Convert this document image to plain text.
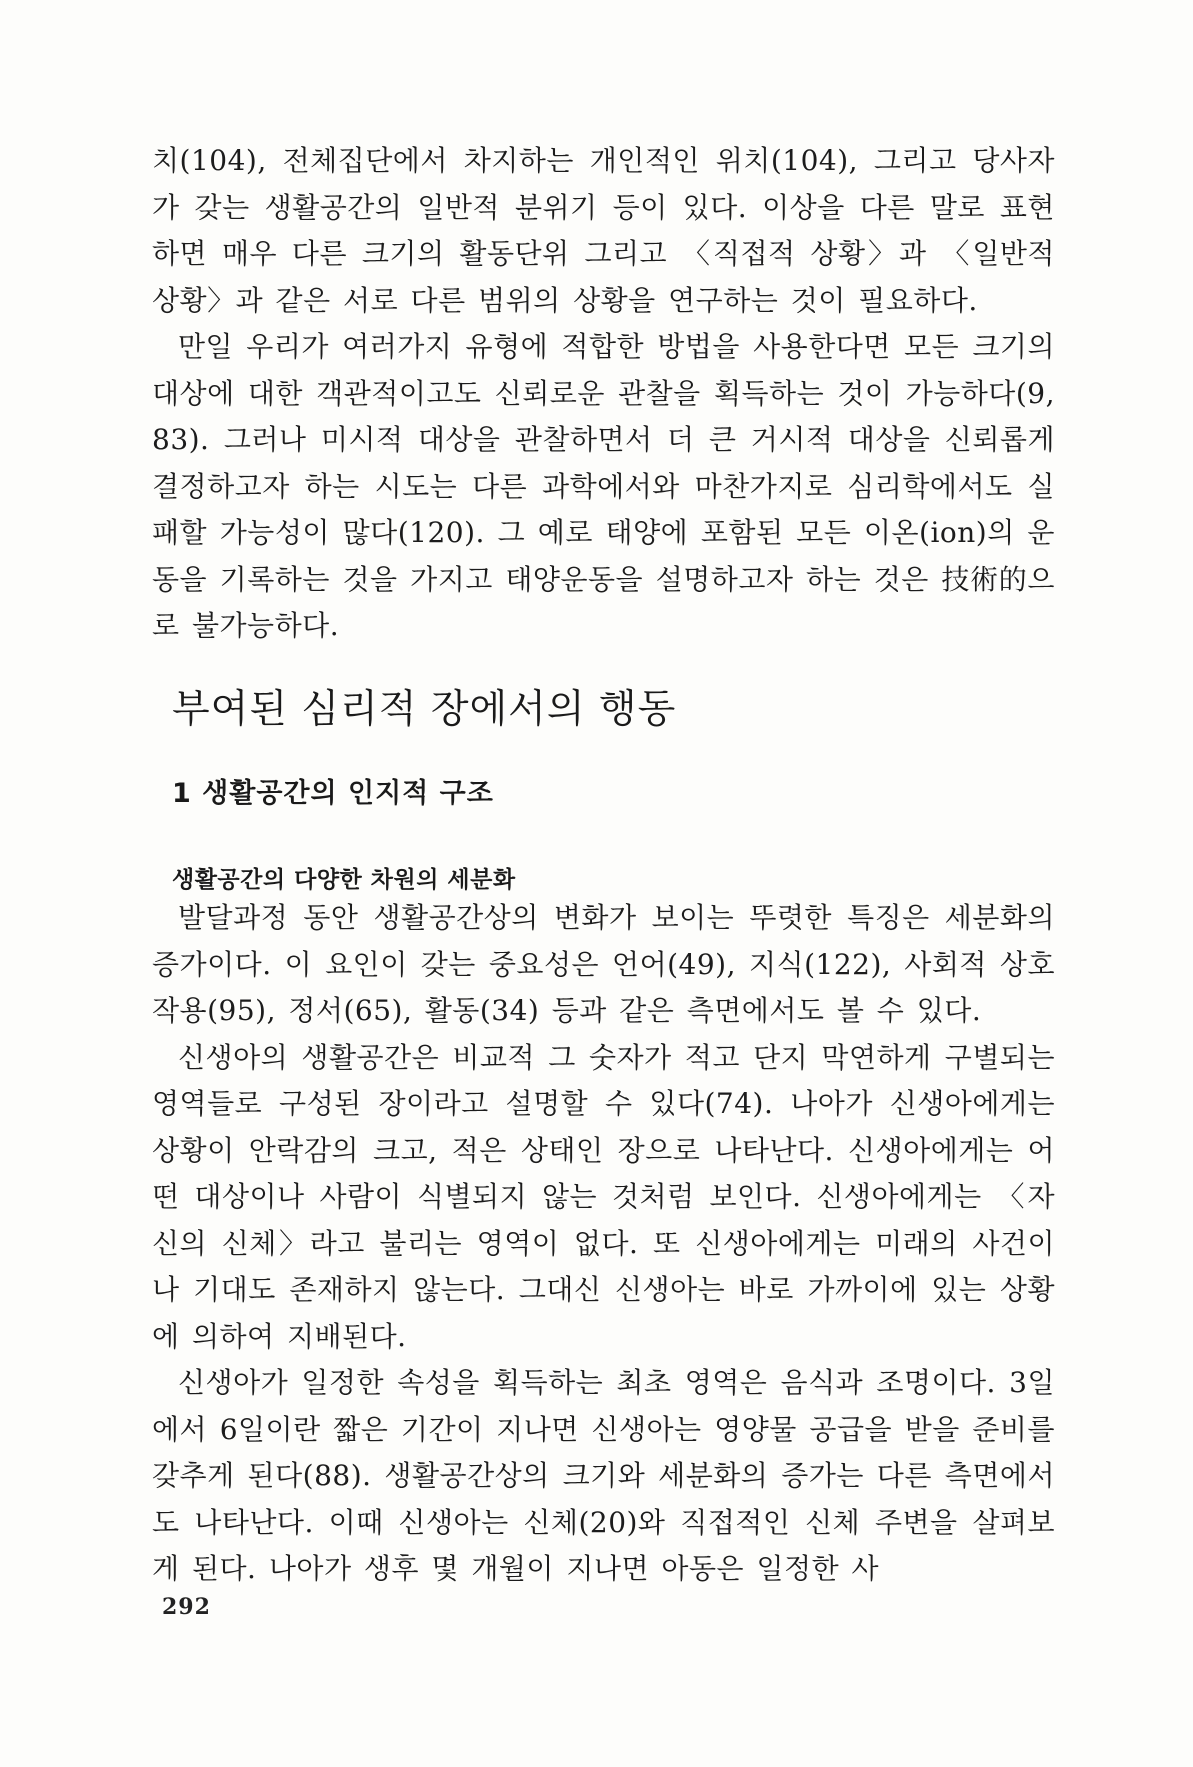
치(104), 전체집단에서 차지하는 개인적인 위치(104), 그리고 당사자가 갖는 생활공간의 일반적 분위기 등이 있다. 이상을 다른 말로 표현하면 매우 다른 크기의 활동단위 그리고 〈직접적 상황〉과 〈일반적 상황〉과 같은 서로 다른 범위의 상황을 연구하는 것이 필요하다.

만일 우리가 여러가지 유형에 적합한 방법을 사용한다면 모든 크기의 대상에 대한 객관적이고도 신뢰로운 관찰을 획득하는 것이 가능하다(9, 83). 그러나 미시적 대상을 관찰하면서 더 큰 거시적 대상을 신뢰롭게 결정하고자 하는 시도는 다른 과학에서와 마찬가지로 심리학에서도 실패할 가능성이 많다(120). 그 예로 태양에 포함된 모든 이온(ion)의 운동을 기록하는 것을 가지고 태양운동을 설명하고자 하는 것은 技術的으로 불가능하다.

부여된 심리적 장에서의 행동
1 생활공간의 인지적 구조
생활공간의 다양한 차원의 세분화

발달과정 동안 생활공간상의 변화가 보이는 뚜렷한 특징은 세분화의 증가이다. 이 요인이 갖는 중요성은 언어(49), 지식(122), 사회적 상호작용(95), 정서(65), 활동(34) 등과 같은 측면에서도 볼 수 있다.

신생아의 생활공간은 비교적 그 숫자가 적고 단지 막연하게 구별되는 영역들로 구성된 장이라고 설명할 수 있다(74). 나아가 신생아에게는 상황이 안락감의 크고, 적은 상태인 장으로 나타난다. 신생아에게는 어떤 대상이나 사람이 식별되지 않는 것처럼 보인다. 신생아에게는 〈자신의 신체〉라고 불리는 영역이 없다. 또 신생아에게는 미래의 사건이나 기대도 존재하지 않는다. 그대신 신생아는 바로 가까이에 있는 상황에 의하여 지배된다.

신생아가 일정한 속성을 획득하는 최초 영역은 음식과 조명이다. 3일에서 6일이란 짧은 기간이 지나면 신생아는 영양물 공급을 받을 준비를 갖추게 된다(88). 생활공간상의 크기와 세분화의 증가는 다른 측면에서도 나타난다. 이때 신생아는 신체(20)와 직접적인 신체 주변을 살펴보게 된다. 나아가 생후 몇 개월이 지나면 아동은 일정한 사

292
